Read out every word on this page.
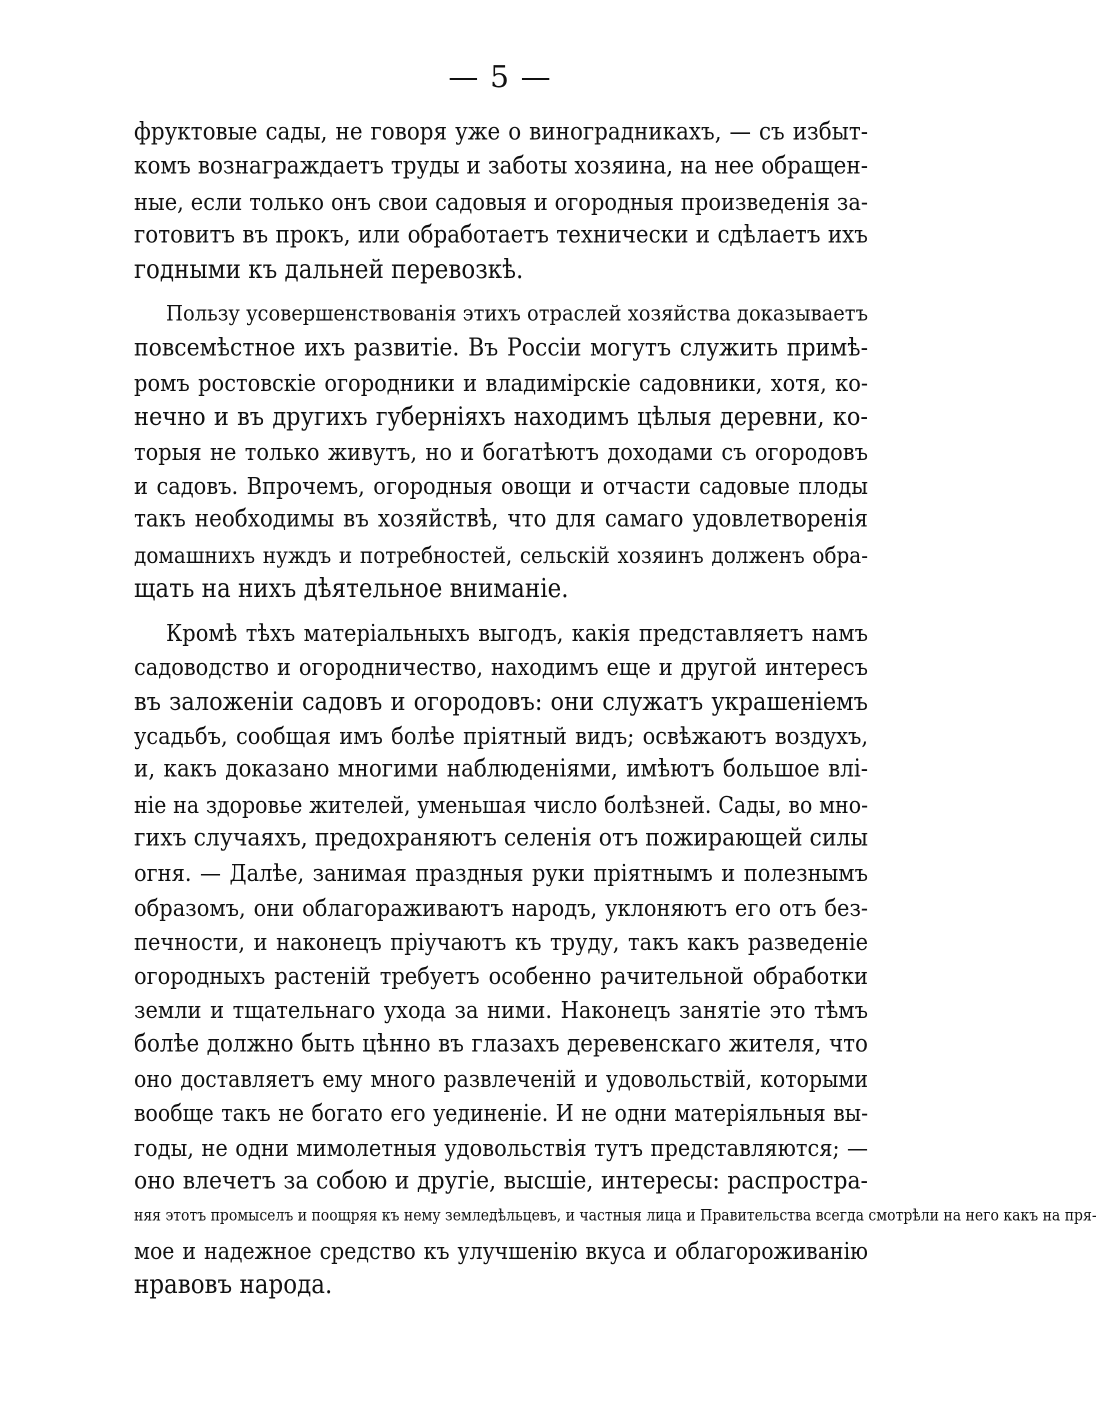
— 5 —
фруктовые сады, не говоря уже о виноградникахъ, — съ избыт-
комъ вознаграждаетъ труды и заботы хозяина, на нее обращен-
ные, если только онъ свои садовыя и огородныя произведенія за-
готовитъ въ прокъ, или обработаетъ технически и сдѣлаетъ ихъ
годными къ дальней перевозкѣ.
Пользу усовершенствованія этихъ отраслей хозяйства доказываетъ
повсемѣстное ихъ развитіе. Въ Россіи могутъ служить примѣ-
ромъ ростовскіе огородники и владимірскіе садовники, хотя, ко-
нечно и въ другихъ губерніяхъ находимъ цѣлыя деревни, ко-
торыя не только живутъ, но и богатѣютъ доходами съ огородовъ
и садовъ. Впрочемъ, огородныя овощи и отчасти садовые плоды
такъ необходимы въ хозяйствѣ, что для самаго удовлетворенія
домашнихъ нуждъ и потребностей, сельскій хозяинъ долженъ обра-
щать на нихъ дѣятельное вниманіе.
Кромѣ тѣхъ матеріальныхъ выгодъ, какія представляетъ намъ
садоводство и огородничество, находимъ еще и другой интересъ
въ заложеніи садовъ и огородовъ: они служатъ украшеніемъ
усадьбъ, сообщая имъ болѣе пріятный видъ; освѣжаютъ воздухъ,
и, какъ доказано многими наблюденіями, имѣютъ большое влі-
ніе на здоровье жителей, уменьшая число болѣзней. Сады, во мно-
гихъ случаяхъ, предохраняютъ селенія отъ пожирающей силы
огня. — Далѣе, занимая праздныя руки пріятнымъ и полезнымъ
образомъ, они облагораживаютъ народъ, уклоняютъ его отъ без-
печности, и наконецъ пріучаютъ къ труду, такъ какъ разведеніе
огородныхъ растеній требуетъ особенно рачительной обработки
земли и тщательнаго ухода за ними. Наконецъ занятіе это тѣмъ
болѣе должно быть цѣнно въ глазахъ деревенскаго жителя, что
оно доставляетъ ему много развлеченій и удовольствій, которыми
вообще такъ не богато его уединеніе. И не одни матеріяльныя вы-
годы, не одни мимолетныя удовольствія тутъ представляются; —
оно влечетъ за собою и другіе, высшіе, интересы: распростра-
няя этотъ промыселъ и поощряя къ нему земледѣльцевъ, и частныя лица и Правительства всегда смотрѣли на него какъ на пря-
мое и надежное средство къ улучшенію вкуса и облагороживанію
нравовъ народа.
